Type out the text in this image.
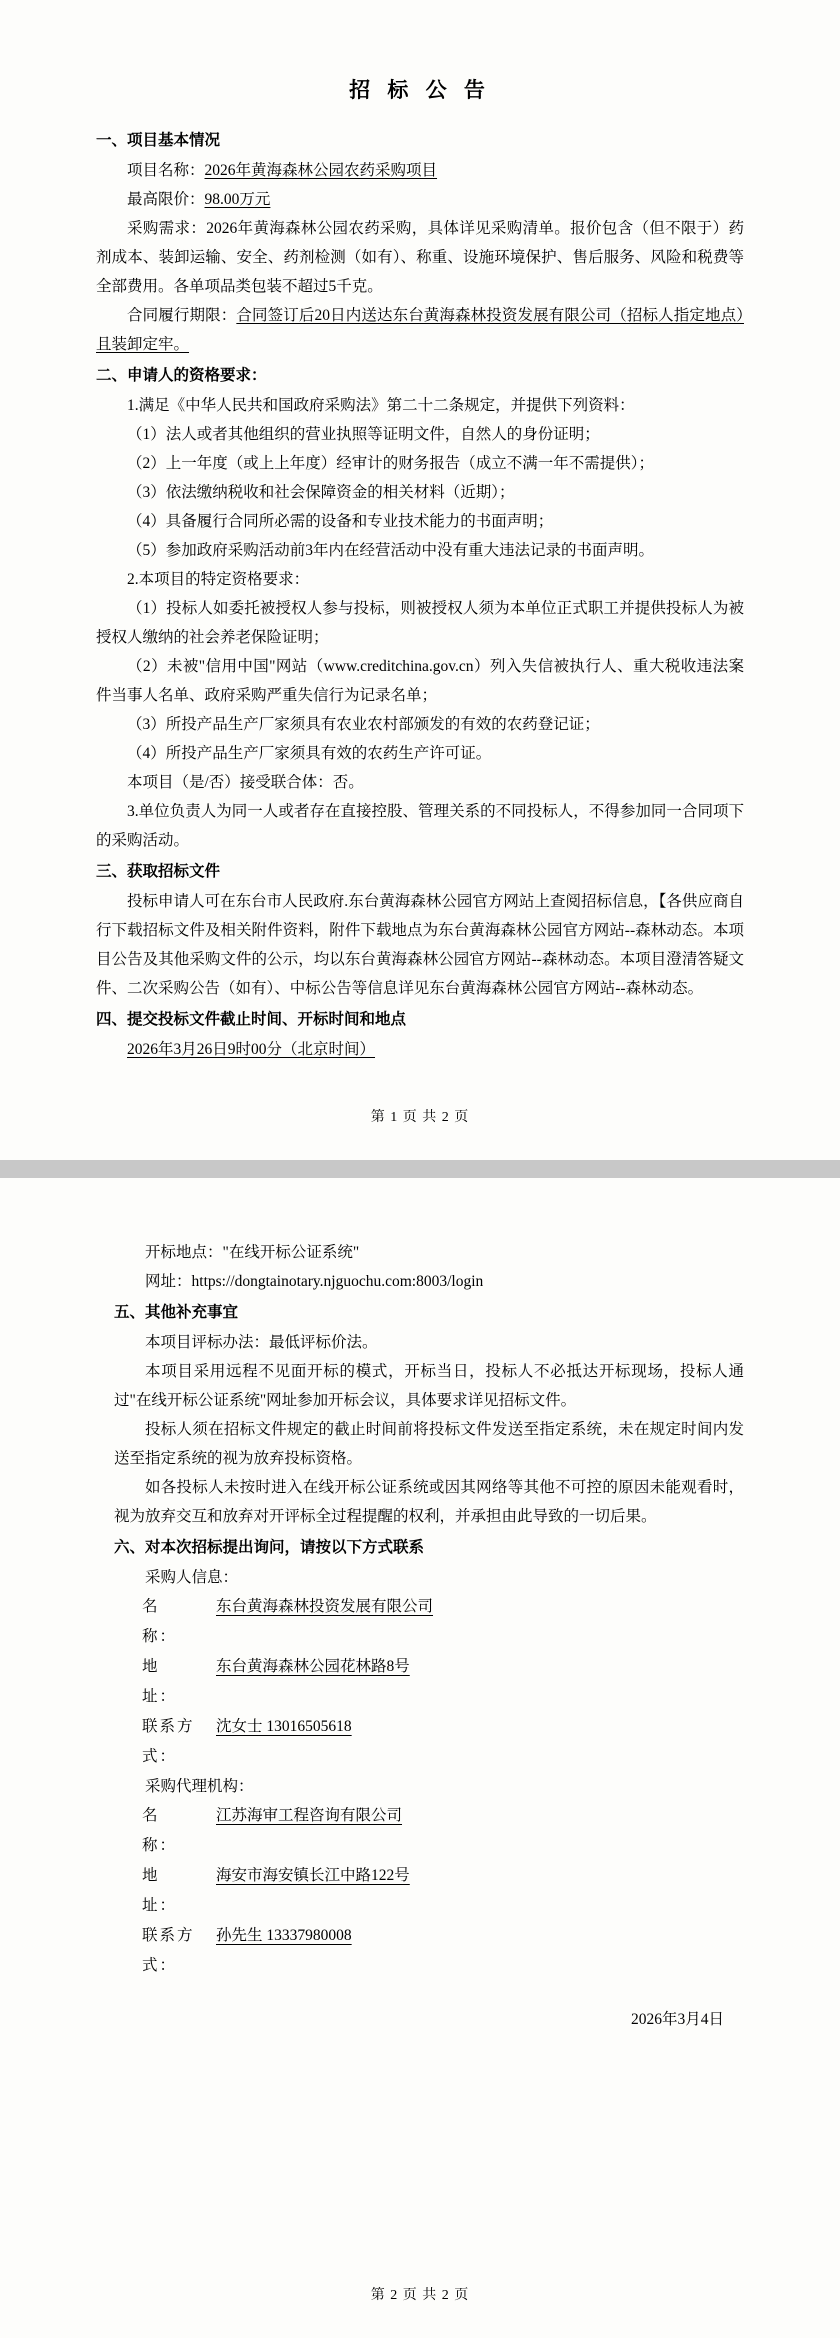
招 标 公 告
一、项目基本情况

项目名称：2026年黄海森林公园农药采购项目

最高限价：98.00万元

采购需求：2026年黄海森林公园农药采购，具体详见采购清单。报价包含（但不限于）药剂成本、装卸运输、安全、药剂检测（如有）、称重、设施环境保护、售后服务、风险和税费等全部费用。各单项品类包装不超过5千克。

合同履行期限：合同签订后20日内送达东台黄海森林投资发展有限公司（招标人指定地点）且装卸定牢。

二、申请人的资格要求：

1.满足《中华人民共和国政府采购法》第二十二条规定，并提供下列资料：

（1）法人或者其他组织的营业执照等证明文件，自然人的身份证明；

（2）上一年度（或上上年度）经审计的财务报告（成立不满一年不需提供）；

（3）依法缴纳税收和社会保障资金的相关材料（近期）；

（4）具备履行合同所必需的设备和专业技术能力的书面声明；

（5）参加政府采购活动前3年内在经营活动中没有重大违法记录的书面声明。

2.本项目的特定资格要求：

（1）投标人如委托被授权人参与投标，则被授权人须为本单位正式职工并提供投标人为被授权人缴纳的社会养老保险证明；

（2）未被"信用中国"网站（www.creditchina.gov.cn）列入失信被执行人、重大税收违法案件当事人名单、政府采购严重失信行为记录名单；

（3）所投产品生产厂家须具有农业农村部颁发的有效的农药登记证；

（4）所投产品生产厂家须具有效的农药生产许可证。

本项目（是/否）接受联合体：否。

3.单位负责人为同一人或者存在直接控股、管理关系的不同投标人，不得参加同一合同项下的采购活动。

三、获取招标文件

投标申请人可在东台市人民政府.东台黄海森林公园官方网站上查阅招标信息，【各供应商自行下载招标文件及相关附件资料，附件下载地点为东台黄海森林公园官方网站--森林动态。本项目公告及其他采购文件的公示，均以东台黄海森林公园官方网站--森林动态。本项目澄清答疑文件、二次采购公告（如有）、中标公告等信息详见东台黄海森林公园官方网站--森林动态。

四、提交投标文件截止时间、开标时间和地点

2026年3月26日9时00分（北京时间）

第 1 页 共 2 页

开标地点："在线开标公证系统"

网址：https://dongtainotary.njguochu.com:8003/login

五、其他补充事宜

本项目评标办法：最低评标价法。

本项目采用远程不见面开标的模式，开标当日，投标人不必抵达开标现场，投标人通过"在线开标公证系统"网址参加开标会议，具体要求详见招标文件。

投标人须在招标文件规定的截止时间前将投标文件发送至指定系统，未在规定时间内发送至指定系统的视为放弃投标资格。

如各投标人未按时进入在线开标公证系统或因其网络等其他不可控的原因未能观看时，视为放弃交互和放弃对开评标全过程提醒的权利，并承担由此导致的一切后果。

六、对本次招标提出询问，请按以下方式联系

采购人信息：

名　　称：
东台黄海森林投资发展有限公司
地　　址：
东台黄海森林公园花林路8号
联系方式：
沈女士 13016505618

采购代理机构：

名　　称：
江苏海审工程咨询有限公司
地　　址：
海安市海安镇长江中路122号
联系方式：
孙先生 13337980008
2026年3月4日
第 2 页 共 2 页
